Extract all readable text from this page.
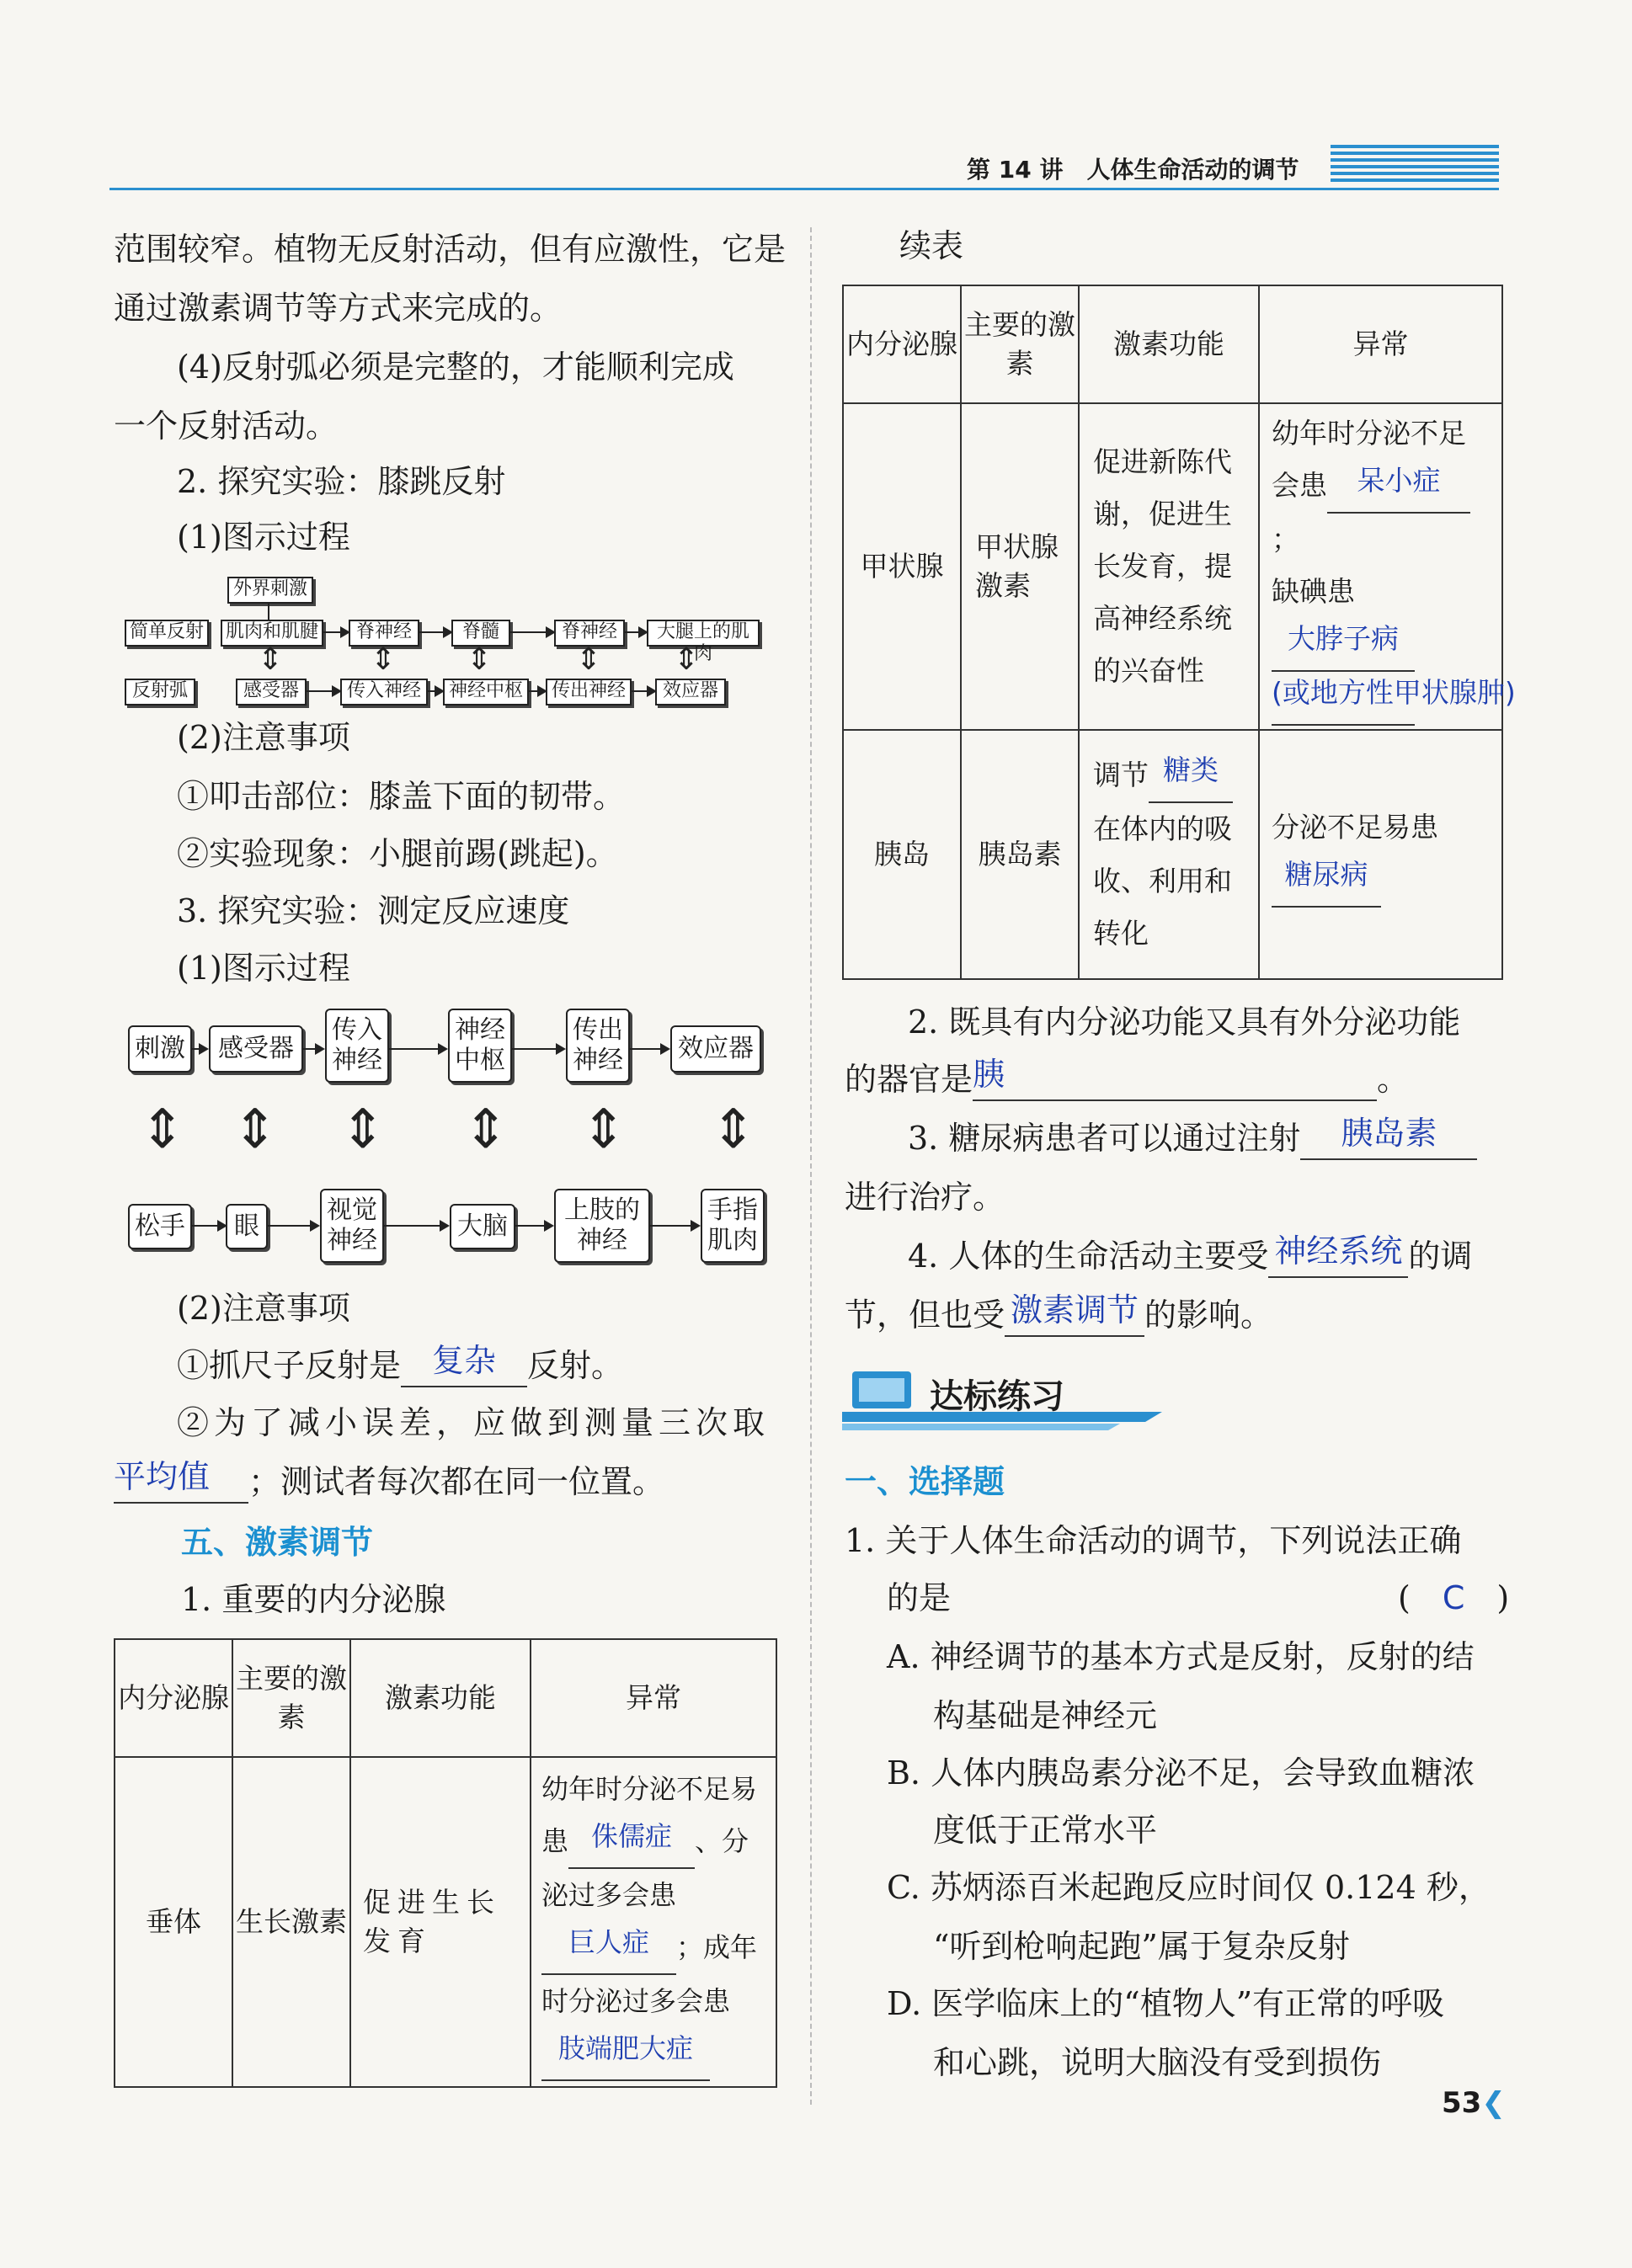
第 14 讲　人体生命活动的调节
范围较窄。植物无反射活动，但有应激性，它是
通过激素调节等方式来完成的。
(4)反射弧必须是完整的，才能顺利完成
一个反射活动。
2. 探究实验：膝跳反射
(1)图示过程
外界刺激
简单反射 肌肉和肌腱	脊神经	脊髓	脊神经	大腿上的肌肉
⇕	⇕ ⇕	⇕ ⇕
反射弧	感受器	传入神经	神经中枢	传出神经	效应器
(2)注意事项
①叩击部位：膝盖下面的韧带。
②实验现象：小腿前踢(跳起)。
3. 探究实验：测定反应速度
(1)图示过程
刺激	感受器
传入神经
神经中枢
传出神经	效应器
⇕ ⇕ ⇕ ⇕ ⇕ ⇕
松手	眼
视觉神经	大脑
上肢的神经
手指肌肉
(2)注意事项
①抓尺子反射是 复杂 反射。
②为了减小误差，应做到测量三次取
平均值 ；测试者每次都在同一位置。
五、激素调节
1. 重要的内分泌腺
内分泌腺	主要的激素	激素功能	异常
垂体	生长激素	促进生长发育	幼年时分泌不足易患 侏儒症 、分泌过多会患巨人症 ；成年时分泌过多会患肢端肥大症
续表
内分泌腺	主要的激素	激素功能	异常
甲状腺	甲状腺激素	促进新陈代谢，促进生长发育，提高神经系统的兴奋性	幼年时分泌不足会患 呆小症；
缺碘患大脖子病
(或地方性甲状腺肿)
胰岛	胰岛素	调节 糖类在体内的吸收、利用和转化	分泌不足易患
糖尿病
2. 既具有内分泌功能又具有外分泌功能
的器官是胰	。
3. 糖尿病患者可以通过注射 胰岛素
进行治疗。
4. 人体的生命活动主要受 神经系统 的调
节，但也受 激素调节 的影响。
达标练习
一、选择题
1. 关于人体生命活动的调节，下列说法正确
的是	(　C　)
A. 神经调节的基本方式是反射，反射的结
构基础是神经元
B. 人体内胰岛素分泌不足，会导致血糖浓
度低于正常水平
C. 苏炳添百米起跑反应时间仅 0.124 秒，
“听到枪响起跑”属于复杂反射
D. 医学临床上的“植物人”有正常的呼吸
和心跳，说明大脑没有受到损伤
53❮
